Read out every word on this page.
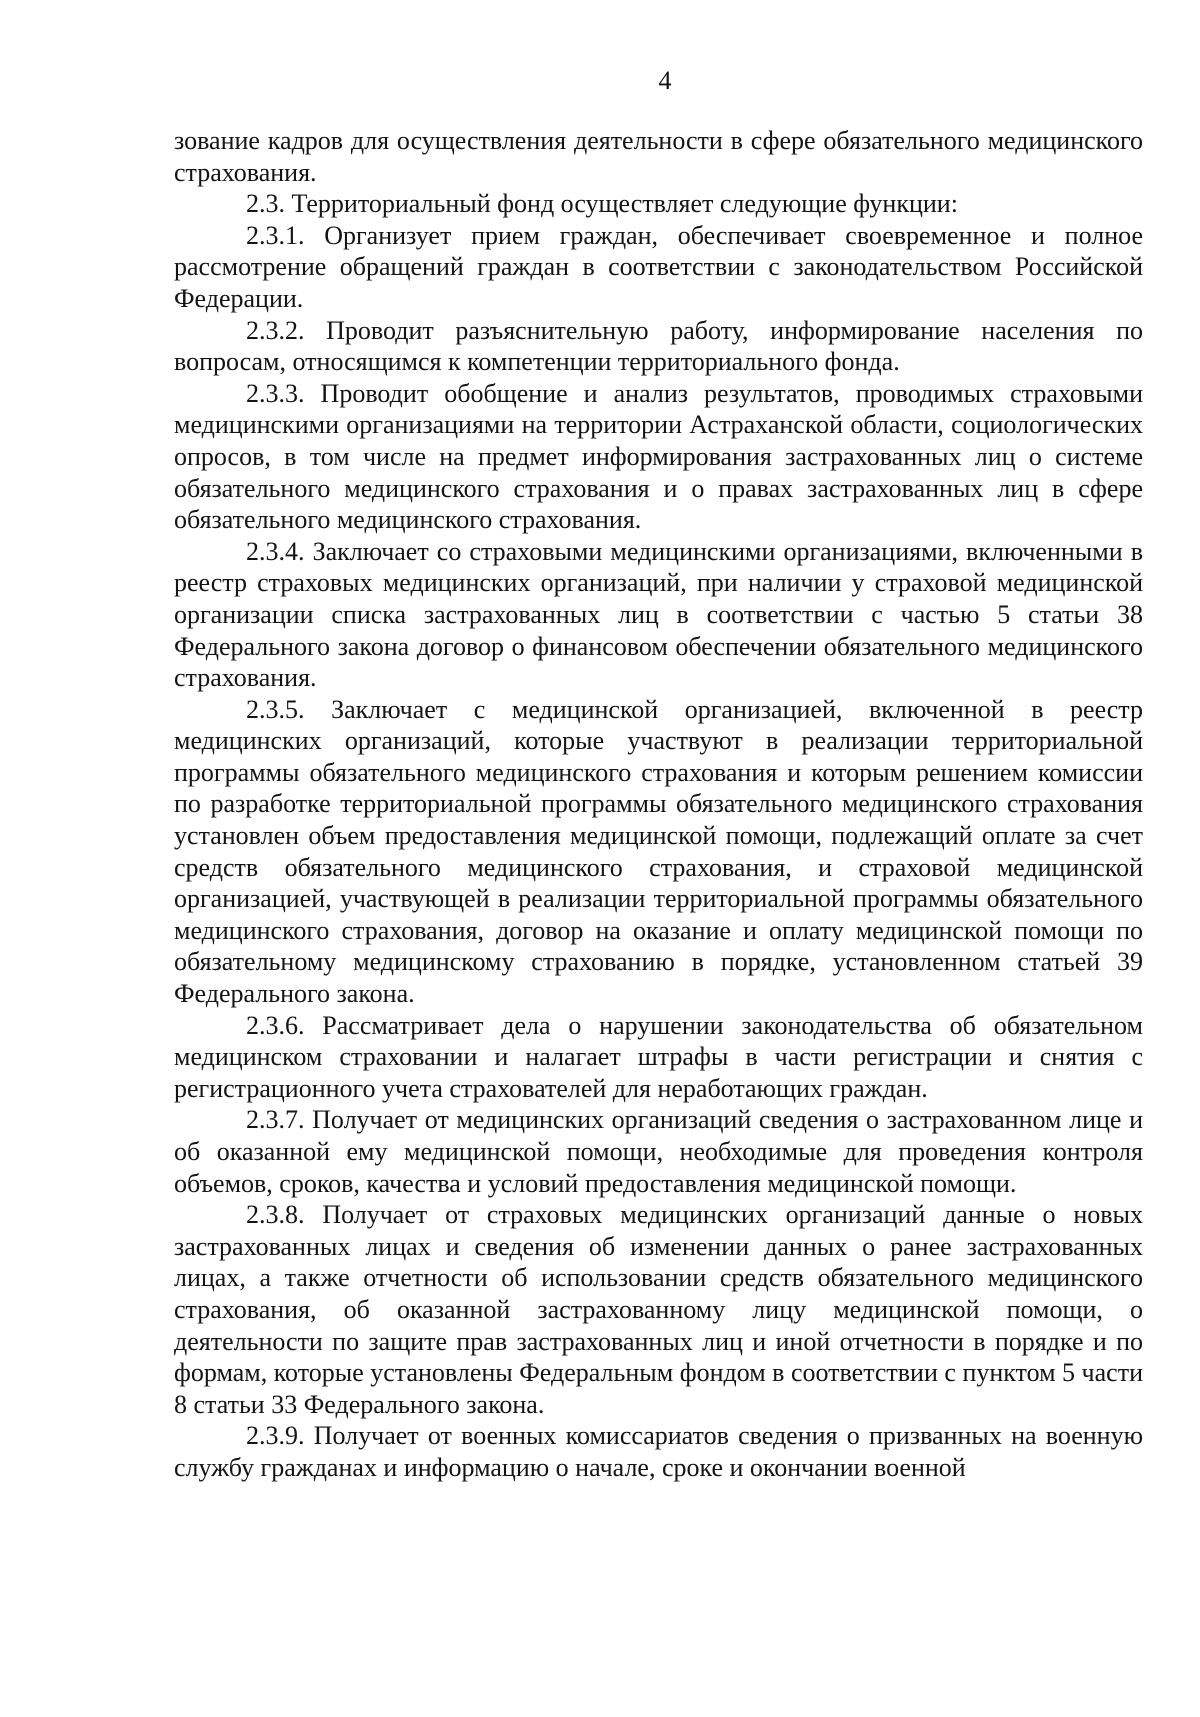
4

зование кадров для осуществления деятельности в сфере обязательного медицинского страхования.

2.3. Территориальный фонд осуществляет следующие функции:

2.3.1. Организует прием граждан, обеспечивает своевременное и полное рассмотрение обращений граждан в соответствии с законодательством Российской Федерации.

2.3.2. Проводит разъяснительную работу, информирование населения по вопросам, относящимся к компетенции территориального фонда.

2.3.3. Проводит обобщение и анализ результатов, проводимых страховыми медицинскими организациями на территории Астраханской области, социологических опросов, в том числе на предмет информирования застрахованных лиц о системе обязательного медицинского страхования и о правах застрахованных лиц в сфере обязательного медицинского страхования.

2.3.4. Заключает со страховыми медицинскими организациями, включенными в реестр страховых медицинских организаций, при наличии у страховой медицинской организации списка застрахованных лиц в соответствии с частью 5 статьи 38 Федерального закона договор о финансовом обеспечении обязательного медицинского страхования.

2.3.5. Заключает с медицинской организацией, включенной в реестр медицинских организаций, которые участвуют в реализации территориальной программы обязательного медицинского страхования и которым решением комиссии по разработке территориальной программы обязательного медицинского страхования установлен объем предоставления медицинской помощи, подлежащий оплате за счет средств обязательного медицинского страхования, и страховой медицинской организацией, участвующей в реализации территориальной программы обязательного медицинского страхования, договор на оказание и оплату медицинской помощи по обязательному медицинскому страхованию в порядке, установленном статьей 39 Федерального закона.

2.3.6. Рассматривает дела о нарушении законодательства об обязательном медицинском страховании и налагает штрафы в части регистрации и снятия с регистрационного учета страхователей для неработающих граждан.

2.3.7. Получает от медицинских организаций сведения о застрахованном лице и об оказанной ему медицинской помощи, необходимые для проведения контроля объемов, сроков, качества и условий предоставления медицинской помощи.

2.3.8. Получает от страховых медицинских организаций данные о новых застрахованных лицах и сведения об изменении данных о ранее застрахованных лицах, а также отчетности об использовании средств обязательного медицинского страхования, об оказанной застрахованному лицу медицинской помощи, о деятельности по защите прав застрахованных лиц и иной отчетности в порядке и по формам, которые установлены Федеральным фондом в соответствии с пунктом 5 части 8 статьи 33 Федерального закона.

2.3.9. Получает от военных комиссариатов сведения о призванных на военную службу гражданах и информацию о начале, сроке и окончании военной
